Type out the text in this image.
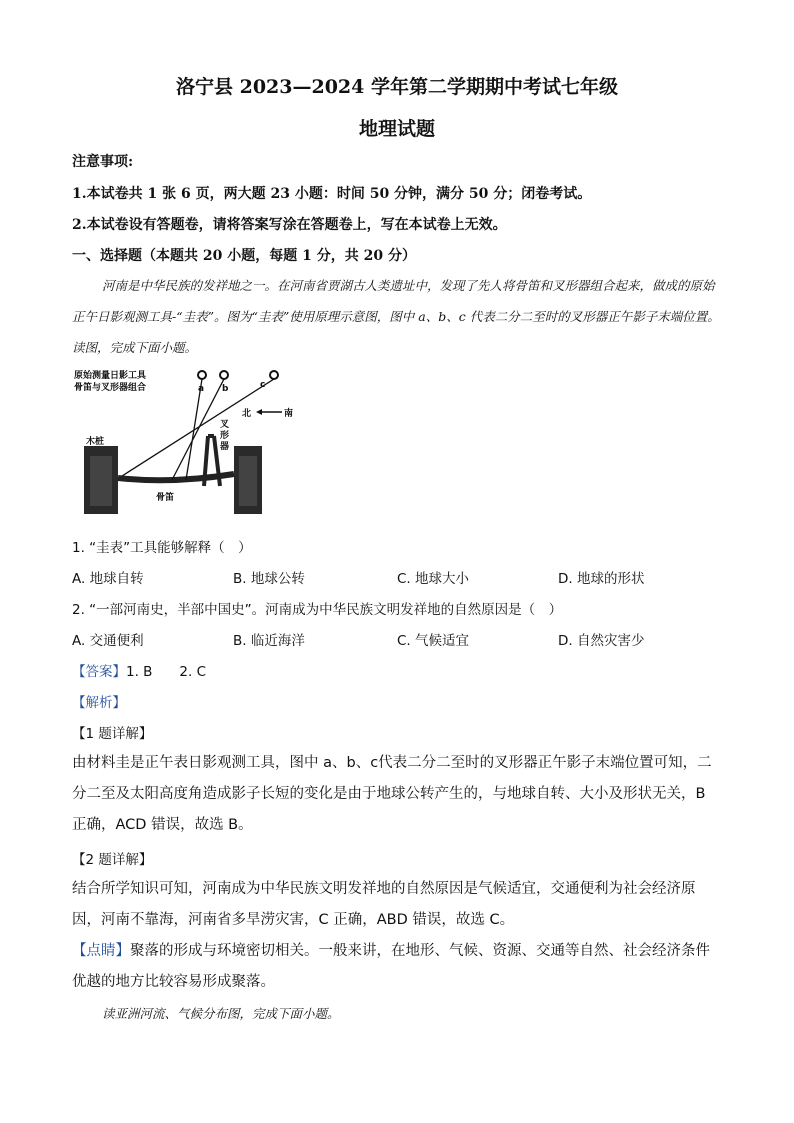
洛宁县 2023—2024 学年第二学期期中考试七年级
地理试题
注意事项:
1.本试卷共 1 张 6 页，两大题 23 小题：时间 50 分钟，满分 50 分；闭卷考试。
2.本试卷设有答题卷，请将答案写涂在答题卷上，写在本试卷上无效。
一、选择题（本题共 20 小题，每题 1 分，共 20 分）
河南是中华民族的发祥地之一。在河南省贾湖古人类遗址中，发现了先人将骨笛和叉形器组合起来，做成的原始正午日影观测工具-“圭表”。图为“圭表”使用原理示意图，图中 a、b、c 代表二分二至时的叉形器正午影子末端位置。读图，完成下面小题。
原始测量日影工具
骨笛与叉形器组合	a b	c
北	南
木桩
叉形器
骨笛
1. “圭表”工具能够解释（　）
A. 地球自转	B. 地球公转	C. 地球大小	D. 地球的形状
2. “一部河南史，半部中国史”。河南成为中华民族文明发祥地的自然原因是（　）
A. 交通便利	B. 临近海洋	C. 气候适宜	D. 自然灾害少
【答案】1. B　　2. C
【解析】
【1 题详解】
由材料圭是正午表日影观测工具，图中 a、b、c代表二分二至时的叉形器正午影子末端位置可知，二分二至及太阳高度角造成影子长短的变化是由于地球公转产生的，与地球自转、大小及形状无关，B 正确，ACD 错误，故选 B。
【2 题详解】
结合所学知识可知，河南成为中华民族文明发祥地的自然原因是气候适宜，交通便利为社会经济原因，河南不靠海，河南省多旱涝灾害，C 正确，ABD 错误，故选 C。
【点睛】聚落的形成与环境密切相关。一般来讲，在地形、气候、资源、交通等自然、社会经济条件优越的地方比较容易形成聚落。
读亚洲河流、气候分布图，完成下面小题。
